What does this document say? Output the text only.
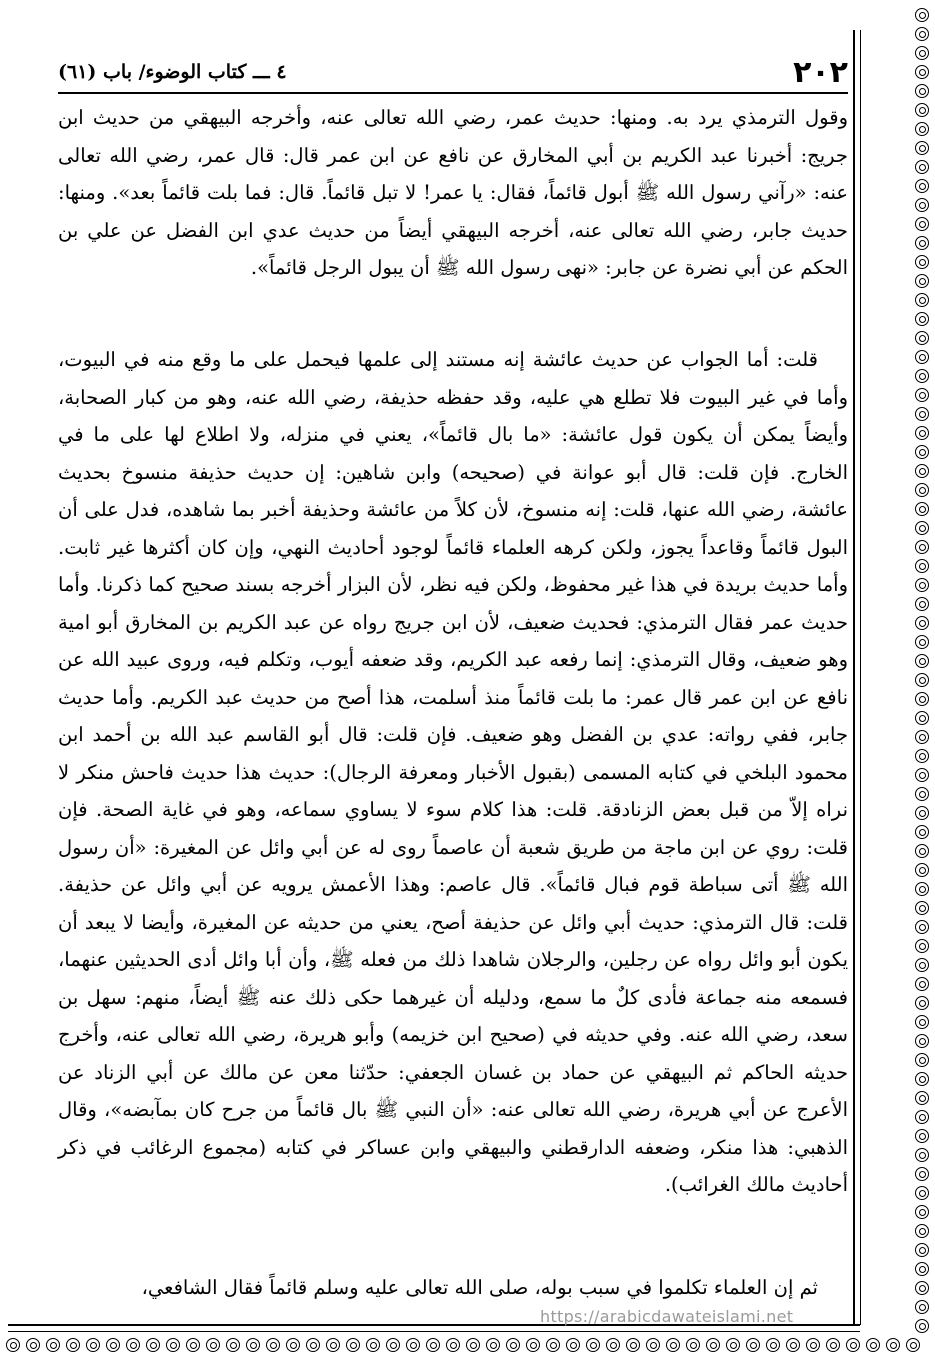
٢٠٢
٤ ـــ كتاب الوضوء/ باب (٦١)

وقول الترمذي يرد به. ومنها: حديث عمر، رضي الله تعالى عنه، وأخرجه البيهقي من حديث ابن جريج: أخبرنا عبد الكريم بن أبي المخارق عن نافع عن ابن عمر قال: قال عمر، رضي الله تعالى عنه: «رآني رسول الله ﷺ أبول قائماً، فقال: يا عمر! لا تبل قائماً. قال: فما بلت قائماً بعد». ومنها: حديث جابر، رضي الله تعالى عنه، أخرجه البيهقي أيضاً من حديث عدي ابن الفضل عن علي بن الحكم عن أبي نضرة عن جابر: «نهى رسول الله ﷺ أن يبول الرجل قائماً».

قلت: أما الجواب عن حديث عائشة إنه مستند إلى علمها فيحمل على ما وقع منه في البيوت، وأما في غير البيوت فلا تطلع هي عليه، وقد حفظه حذيفة، رضي الله عنه، وهو من كبار الصحابة، وأيضاً يمكن أن يكون قول عائشة: «ما بال قائماً»، يعني في منزله، ولا اطلاع لها على ما في الخارج. فإن قلت: قال أبو عوانة في (صحيحه) وابن شاهين: إن حديث حذيفة منسوخ بحديث عائشة، رضي الله عنها، قلت: إنه منسوخ، لأن كلاً من عائشة وحذيفة أخبر بما شاهده، فدل على أن البول قائماً وقاعداً يجوز، ولكن كرهه العلماء قائماً لوجود أحاديث النهي، وإن كان أكثرها غير ثابت. وأما حديث بريدة في هذا غير محفوظ، ولكن فيه نظر، لأن البزار أخرجه بسند صحيح كما ذكرنا. وأما حديث عمر فقال الترمذي: فحديث ضعيف، لأن ابن جريج رواه عن عبد الكريم بن المخارق أبو امية وهو ضعيف، وقال الترمذي: إنما رفعه عبد الكريم، وقد ضعفه أيوب، وتكلم فيه، وروى عبيد الله عن نافع عن ابن عمر قال عمر: ما بلت قائماً منذ أسلمت، هذا أصح من حديث عبد الكريم. وأما حديث جابر، ففي رواته: عدي بن الفضل وهو ضعيف. فإن قلت: قال أبو القاسم عبد الله بن أحمد ابن محمود البلخي في كتابه المسمى (بقبول الأخبار ومعرفة الرجال): حديث هذا حديث فاحش منكر لا نراه إلاّ من قبل بعض الزنادقة. قلت: هذا كلام سوء لا يساوي سماعه، وهو في غاية الصحة. فإن قلت: روي عن ابن ماجة من طريق شعبة أن عاصماً روى له عن أبي وائل عن المغيرة: «أن رسول الله ﷺ أتى سباطة قوم فبال قائماً». قال عاصم: وهذا الأعمش يرويه عن أبي وائل عن حذيفة. قلت: قال الترمذي: حديث أبي وائل عن حذيفة أصح، يعني من حديثه عن المغيرة، وأيضا لا يبعد أن يكون أبو وائل رواه عن رجلين، والرجلان شاهدا ذلك من فعله ﷺ، وأن أبا وائل أدى الحديثين عنهما، فسمعه منه جماعة فأدى كلٌ ما سمع، ودليله أن غيرهما حكى ذلك عنه ﷺ أيضاً، منهم: سهل بن سعد، رضي الله عنه. وفي حديثه في (صحيح ابن خزيمه) وأبو هريرة، رضي الله تعالى عنه، وأخرج حديثه الحاكم ثم البيهقي عن حماد بن غسان الجعفي: حدّثنا معن عن مالك عن أبي الزناد عن الأعرج عن أبي هريرة، رضي الله تعالى عنه: «أن النبي ﷺ بال قائماً من جرح كان بمآبضه»، وقال الذهبي: هذا منكر، وضعفه الدارقطني والبيهقي وابن عساكر في كتابه (مجموع الرغائب في ذكر أحاديث مالك الغرائب).

ثم إن العلماء تكلموا في سبب بوله، صلى الله تعالى عليه وسلم قائماً فقال الشافعي،

https://arabicdawateislami.net
